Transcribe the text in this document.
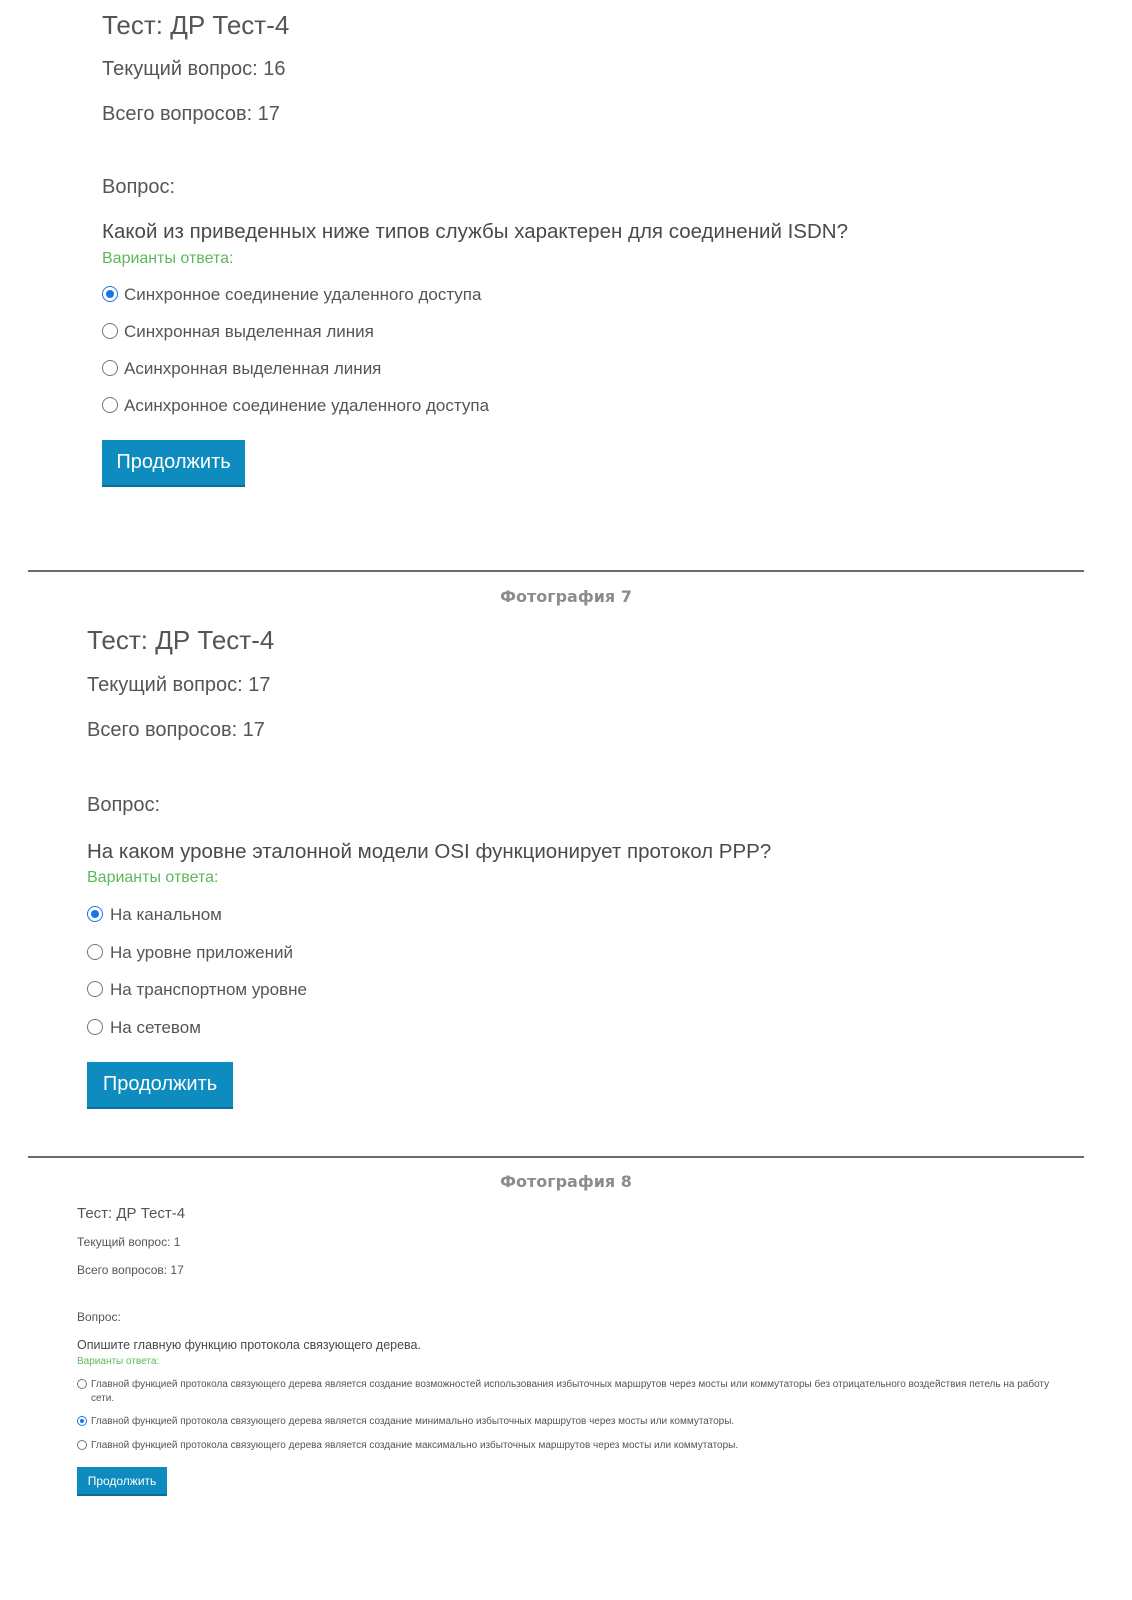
Тест: ДР Тест-4
Текущий вопрос: 16
Всего вопросов: 17
Вопрос:
Какой из приведенных ниже типов службы характерен для соединений ISDN?
Варианты ответа:
Синхронное соединение удаленного доступа
Синхронная выделенная линия
Асинхронная выделенная линия
Асинхронное соединение удаленного доступа
Продолжить
Фотография 7
Тест: ДР Тест-4
Текущий вопрос: 17
Всего вопросов: 17
Вопрос:
На каком уровне эталонной модели OSI функционирует протокол PPP?
Варианты ответа:
На канальном
На уровне приложений
На транспортном уровне
На сетевом
Продолжить
Фотография 8
Тест: ДР Тест-4
Текущий вопрос: 1
Всего вопросов: 17
Вопрос:
Опишите главную функцию протокола связующего дерева.
Варианты ответа:
Главной функцией протокола связующего дерева является создание возможностей использования избыточных маршрутов через мосты или коммутаторы без отрицательного воздействия петель на работу сети.
Главной функцией протокола связующего дерева является создание минимально избыточных маршрутов через мосты или коммутаторы.
Главной функцией протокола связующего дерева является создание максимально избыточных маршрутов через мосты или коммутаторы.
Продолжить
